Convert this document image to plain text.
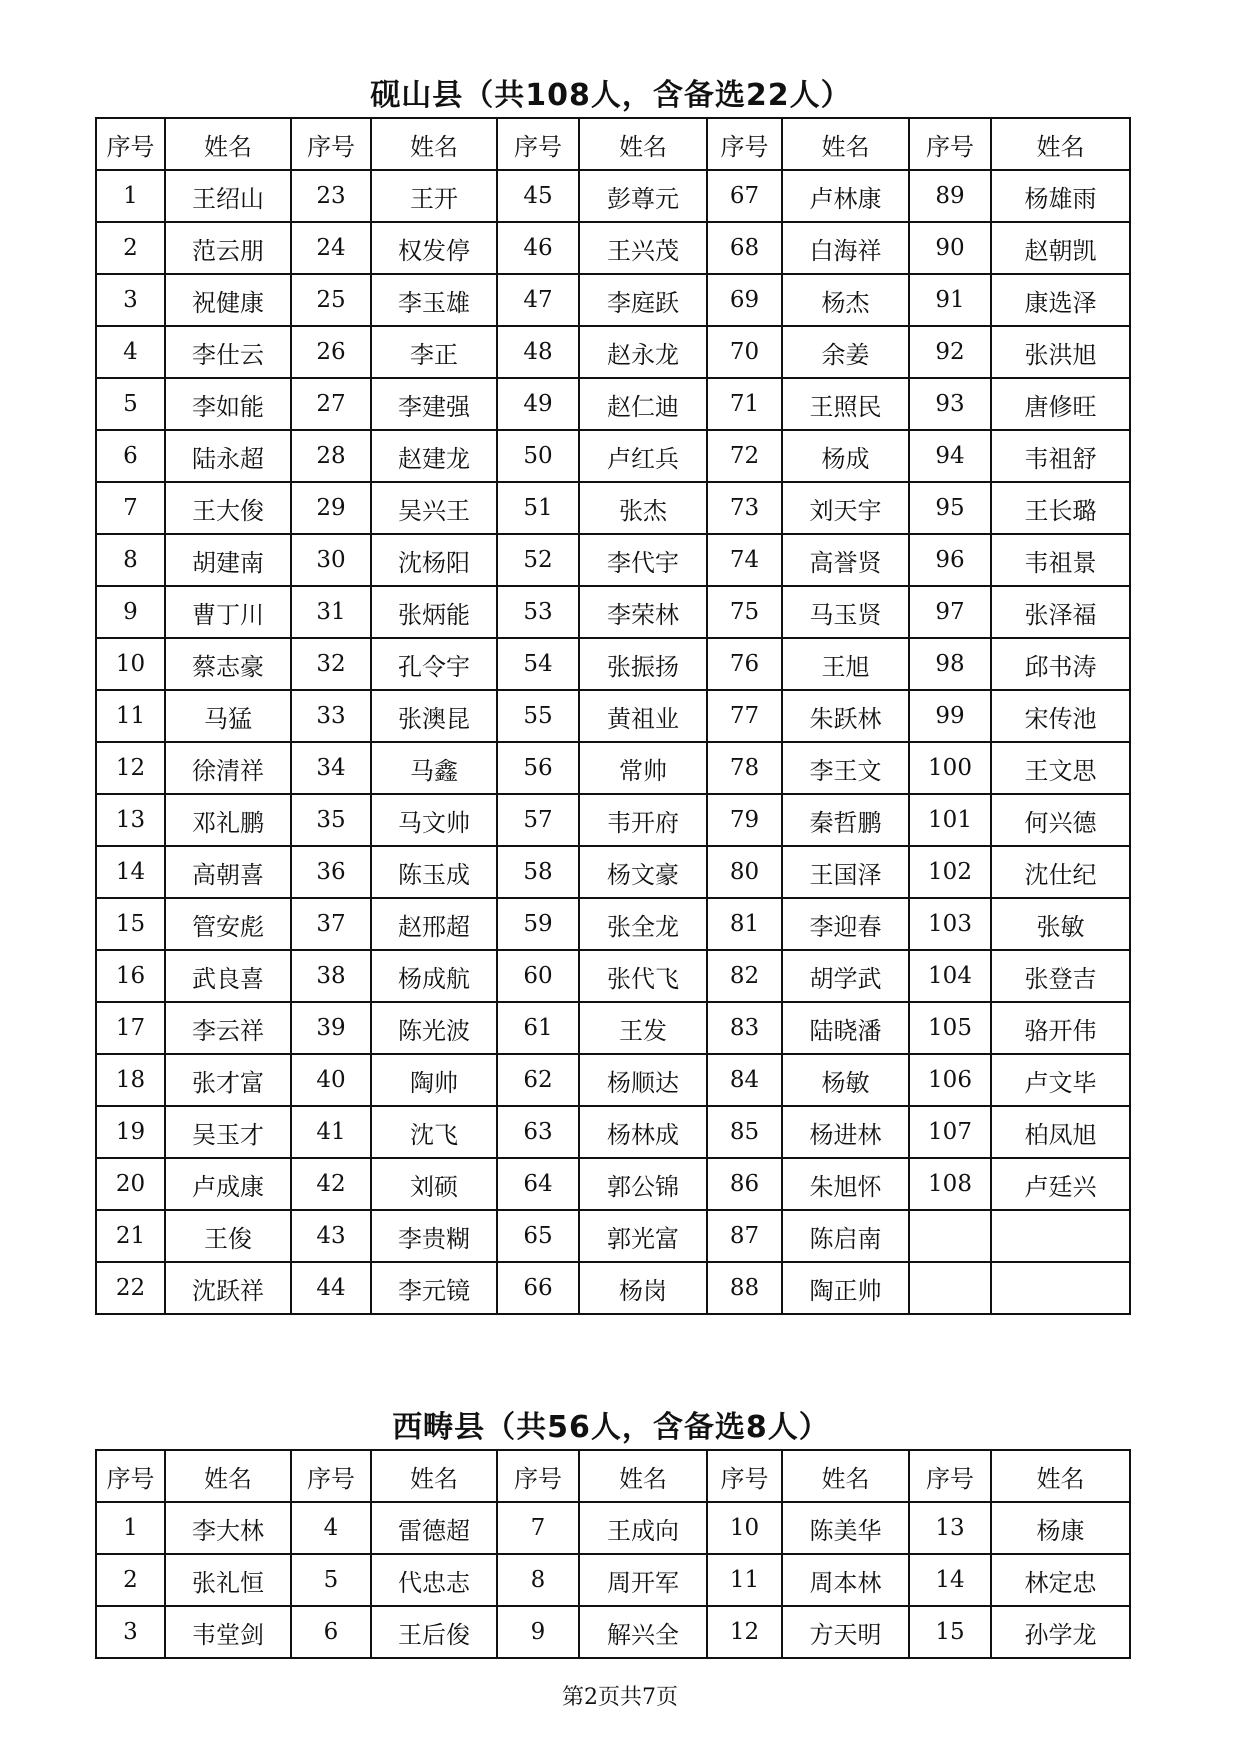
砚山县（共108人，含备选22人）
序号	姓名	序号	姓名	序号	姓名	序号	姓名	序号	姓名
1	王绍山	23	王开	45	彭尊元	67	卢林康	89	杨雄雨
2	范云朋	24	权发停	46	王兴茂	68	白海祥	90	赵朝凯
3	祝健康	25	李玉雄	47	李庭跃	69	杨杰	91	康选泽
4	李仕云	26	李正	48	赵永龙	70	余姜	92	张洪旭
5	李如能	27	李建强	49	赵仁迪	71	王照民	93	唐修旺
6	陆永超	28	赵建龙	50	卢红兵	72	杨成	94	韦祖舒
7	王大俊	29	吴兴王	51	张杰	73	刘天宇	95	王长璐
8	胡建南	30	沈杨阳	52	李代宇	74	高誉贤	96	韦祖景
9	曹丁川	31	张炳能	53	李荣林	75	马玉贤	97	张泽福
10	蔡志豪	32	孔令宇	54	张振扬	76	王旭	98	邱书涛
11	马猛	33	张澳昆	55	黄祖业	77	朱跃林	99	宋传池
12	徐清祥	34	马鑫	56	常帅	78	李王文	100	王文思
13	邓礼鹏	35	马文帅	57	韦开府	79	秦哲鹏	101	何兴德
14	高朝喜	36	陈玉成	58	杨文豪	80	王国泽	102	沈仕纪
15	管安彪	37	赵邢超	59	张全龙	81	李迎春	103	张敏
16	武良喜	38	杨成航	60	张代飞	82	胡学武	104	张登吉
17	李云祥	39	陈光波	61	王发	83	陆晓潘	105	骆开伟
18	张才富	40	陶帅	62	杨顺达	84	杨敏	106	卢文毕
19	吴玉才	41	沈飞	63	杨林成	85	杨进林	107	柏凤旭
20	卢成康	42	刘硕	64	郭公锦	86	朱旭怀	108	卢廷兴
21	王俊	43	李贵糊	65	郭光富	87	陈启南		
22	沈跃祥	44	李元镜	66	杨岗	88	陶正帅		
西畴县（共56人，含备选8人）
序号	姓名	序号	姓名	序号	姓名	序号	姓名	序号	姓名
1	李大林	4	雷德超	7	王成向	10	陈美华	13	杨康
2	张礼恒	5	代忠志	8	周开军	11	周本林	14	林定忠
3	韦堂剑	6	王后俊	9	解兴全	12	方天明	15	孙学龙
第2页共7页
